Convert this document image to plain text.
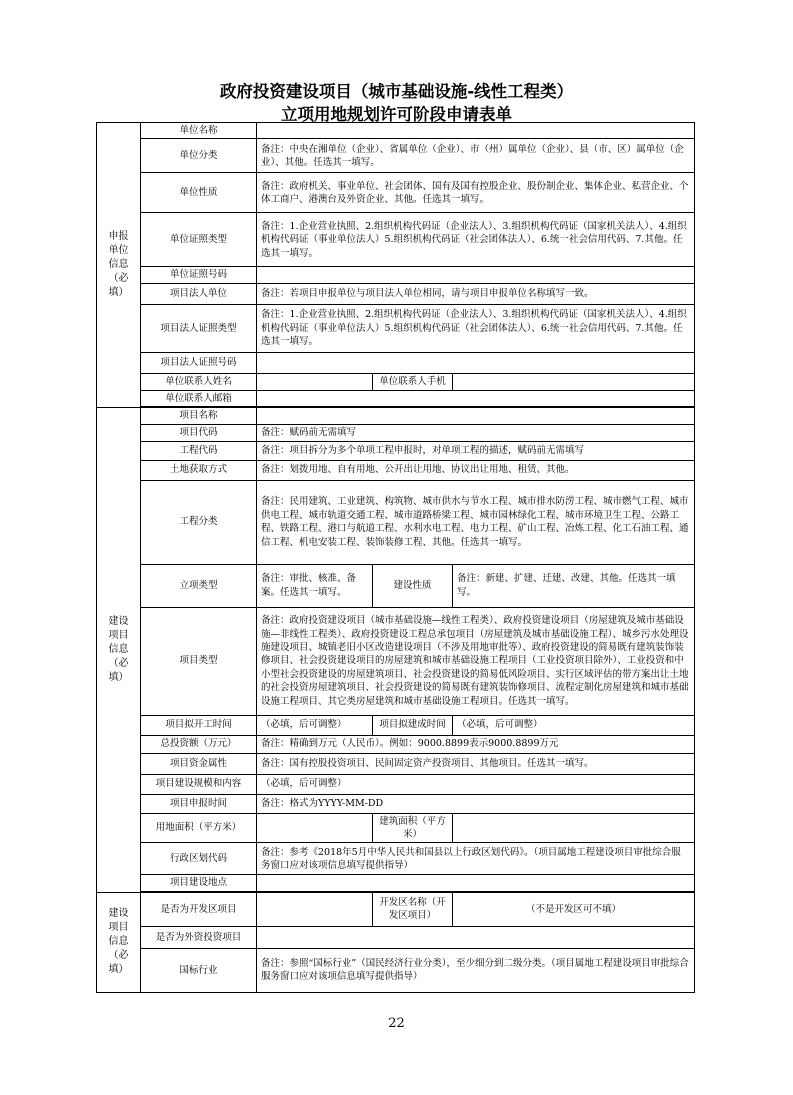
政府投资建设项目（城市基础设施-线性工程类）
立项用地规划许可阶段申请表单
申报单位信息（必填）	单位名称			
	单位分类	备注：中央在湘单位（企业）、省属单位（企业）、市（州）属单位（企业）、县（市、区）属单位（企业）、其他。任选其一填写。		
	单位性质	备注：政府机关、事业单位、社会团体、国有及国有控股企业、股份制企业、集体企业、私营企业、个体工商户、港澳台及外资企业、其他。任选其一填写。		
	单位证照类型	备注：1.企业营业执照、2.组织机构代码证（企业法人）、3.组织机构代码证（国家机关法人）、4.组织机构代码证（事业单位法人）5.组织机构代码证（社会团体法人）、6.统一社会信用代码、7.其他。任选其一填写。		
	单位证照号码			
	项目法人单位	备注：若项目申报单位与项目法人单位相同，请与项目申报单位名称填写一致。		
	项目法人证照类型	备注：1.企业营业执照、2.组织机构代码证（企业法人）、3.组织机构代码证（国家机关法人）、4.组织机构代码证（事业单位法人）5.组织机构代码证（社会团体法人）、6.统一社会信用代码、7.其他。任选其一填写。		
	项目法人证照号码			
	单位联系人姓名		单位联系人手机	
	单位联系人邮箱			

建设项目信息（必填）	项目名称			
	项目代码	备注：赋码前无需填写		
	工程代码	备注：项目拆分为多个单项工程申报时，对单项工程的描述，赋码前无需填写		
	土地获取方式	备注：划拨用地、自有用地、公开出让用地、协议出让用地、租赁、其他。		
	工程分类	备注：民用建筑、工业建筑、构筑物、城市供水与节水工程、城市排水防涝工程、城市燃气工程、城市供电工程、城市轨道交通工程、城市道路桥梁工程、城市园林绿化工程、城市环境卫生工程、公路工程、铁路工程、港口与航道工程、水利水电工程、电力工程、矿山工程、冶炼工程、化工石油工程、通信工程、机电安装工程、装饰装修工程、其他。任选其一填写。		
	立项类型	备注：审批、核准、备案。任选其一填写。	建设性质	备注：新建、扩建、迁建、改建、其他。任选其一填写。
	项目类型	备注：政府投资建设项目（城市基础设施—线性工程类）、政府投资建设项目（房屋建筑及城市基础设施—非线性工程类）、政府投资建设工程总承包项目（房屋建筑及城市基础设施工程）、城乡污水处理设施建设项目、城镇老旧小区改造建设项目（不涉及用地审批等）、政府投资建设的简易既有建筑装饰装修项目、社会投资建设项目的房屋建筑和城市基础设施工程项目（工业投资项目除外）、工业投资和中小型社会投资建设的房屋建筑项目、社会投资建设的简易低风险项目、实行区域评估的带方案出让土地的社会投资房屋建筑项目、社会投资建设的简易既有建筑装饰修项目、流程定制化房屋建筑和城市基础设施工程项目、其它类房屋建筑和城市基础设施工程项目。任选其一填写。		
	项目拟开工时间	（必填，后可调整）	项目拟建成时间	（必填，后可调整）
	总投资额（万元）	备注：精确到万元（人民币）。例如：9000.8899表示9000.8899万元		
	项目资金属性	备注：国有控股投资项目、民间固定资产投资项目、其他项目。任选其一填写。		
	项目建设规模和内容	（必填，后可调整）		
	项目申报时间	备注：格式为YYYY-MM-DD		
	用地面积（平方米）		建筑面积（平方米）	
	行政区划代码	备注：参考《2018年5月中华人民共和国县以上行政区划代码》。（项目属地工程建设项目审批综合服务窗口应对该项信息填写提供指导）		
	项目建设地点			

建设项目信息（必填）	是否为开发区项目		开发区名称（开发区项目）	（不是开发区可不填）
	是否为外资投资项目			
	国标行业	备注：参照“国标行业”（国民经济行业分类），至少细分到二级分类。（项目属地工程建设项目审批综合服务窗口应对该项信息填写提供指导）		
22
